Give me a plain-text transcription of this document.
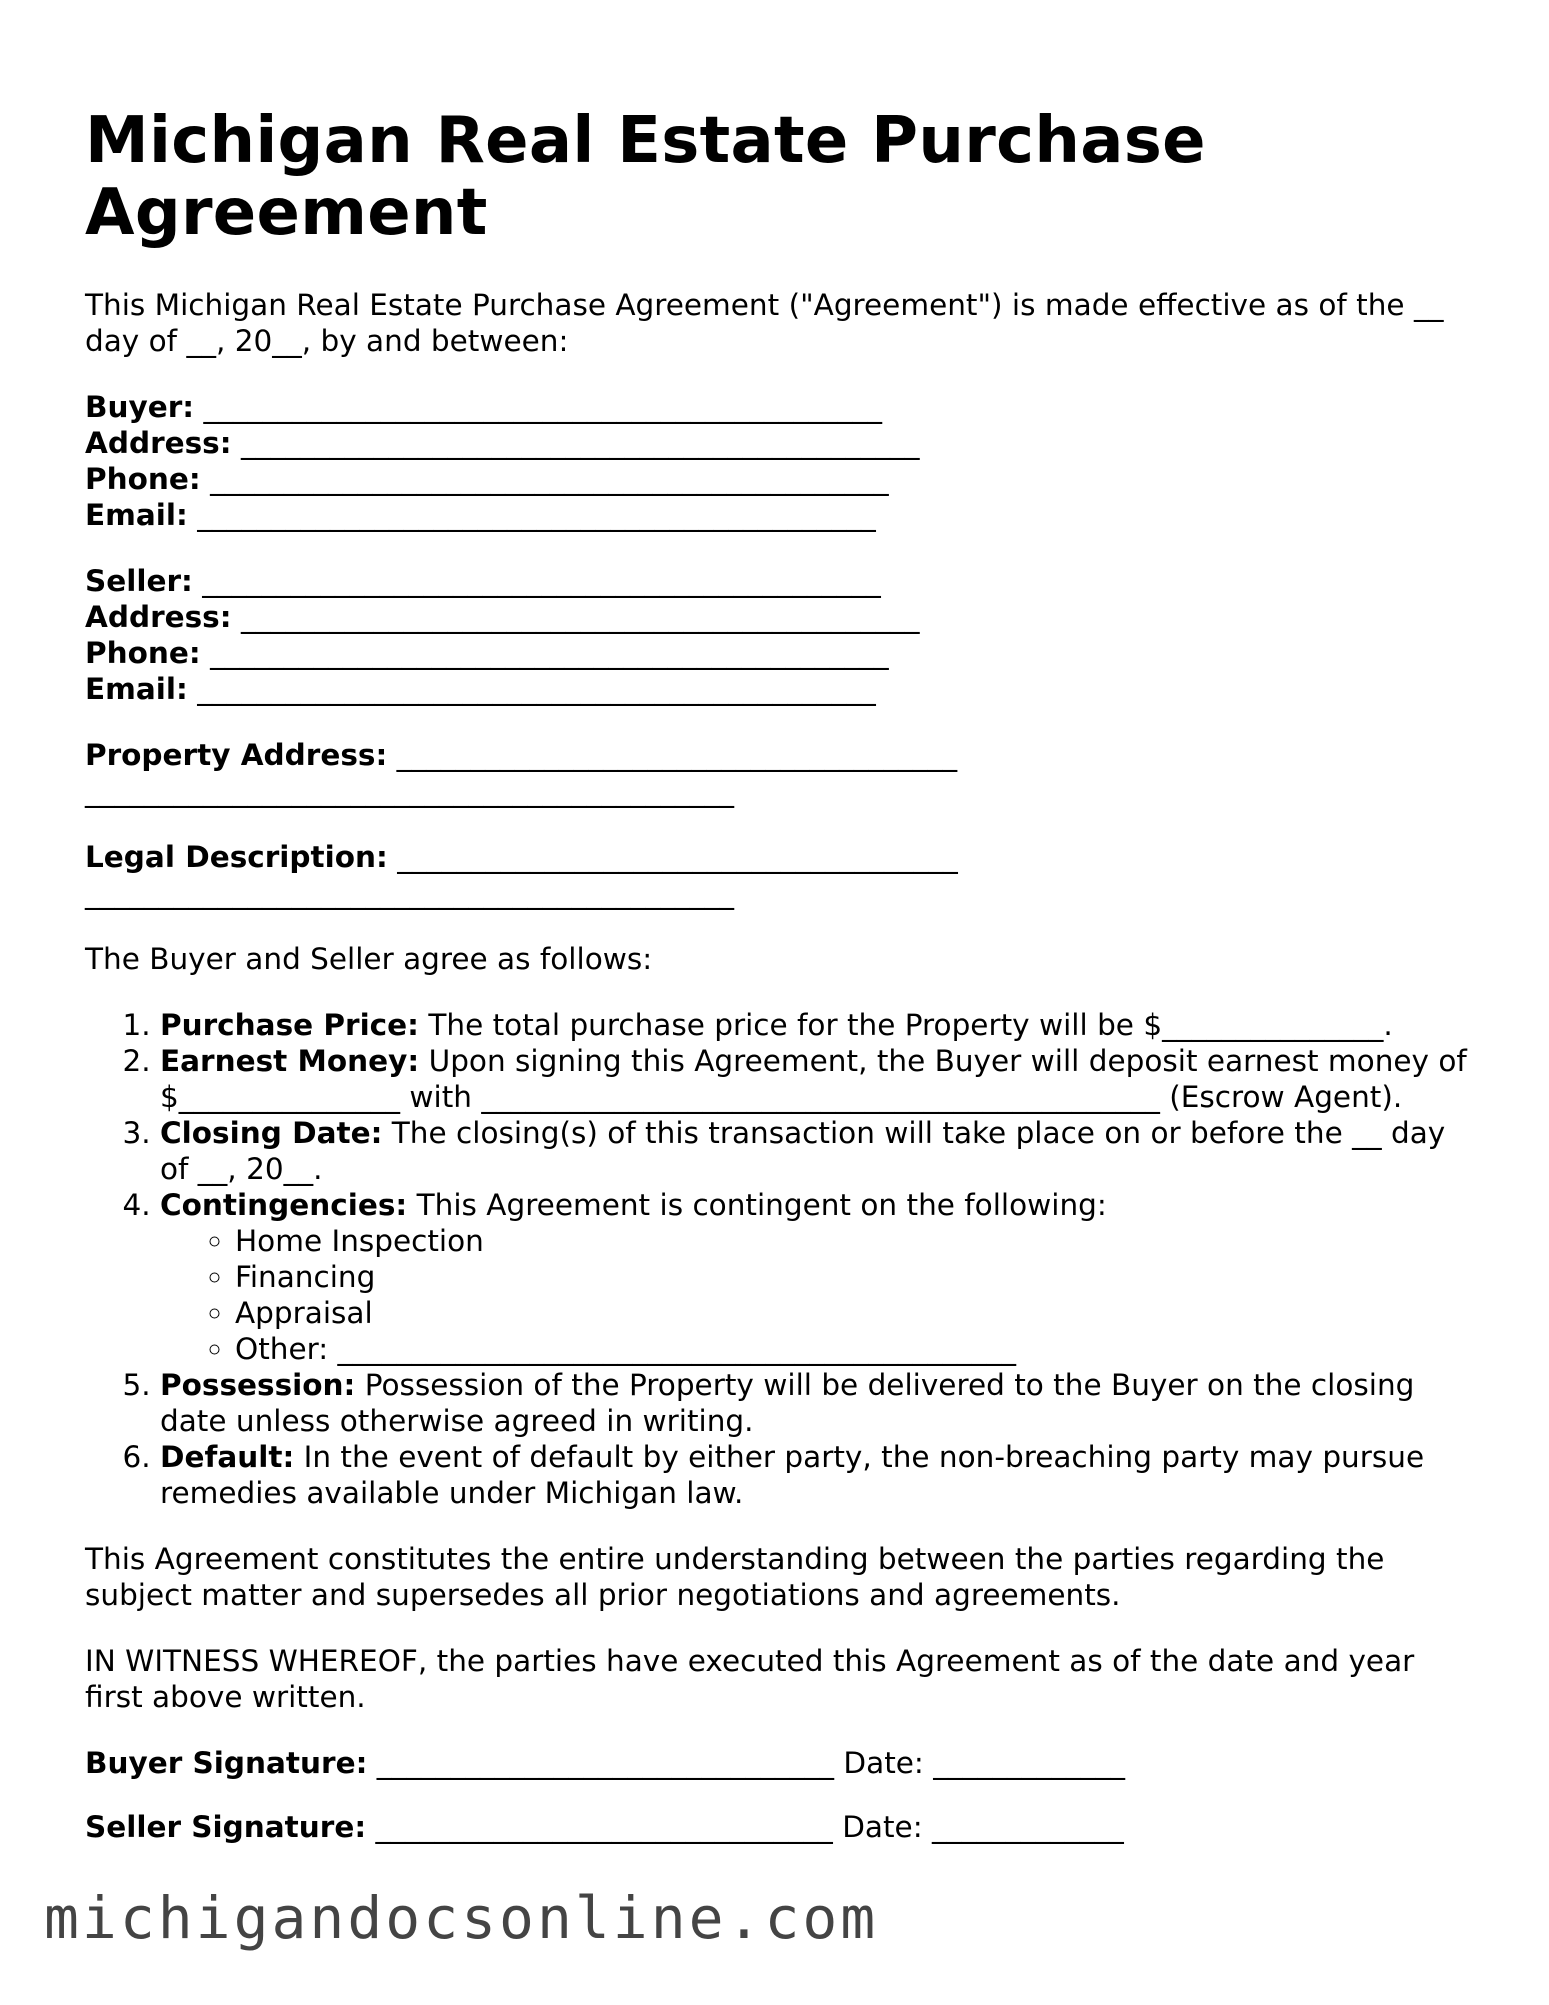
Michigan Real Estate Purchase Agreement

This Michigan Real Estate Purchase Agreement ("Agreement") is made effective as of the __ day of __, 20__, by and between:

Buyer: ______________________________________________
Address: ______________________________________________
Phone: ______________________________________________
Email: ______________________________________________
Seller: ______________________________________________
Address: ______________________________________________
Phone: ______________________________________________
Email: ______________________________________________
Property Address: ______________________________________
____________________________________________
Legal Description: ______________________________________
____________________________________________

The Buyer and Seller agree as follows:

1. Purchase Price: The total purchase price for the Property will be $_______________.
2. Earnest Money: Upon signing this Agreement, the Buyer will deposit earnest money of $_______________ with ______________________________________________ (Escrow Agent).
3. Closing Date: The closing(s) of this transaction will take place on or before the __ day of __, 20__.
4. Contingencies: This Agreement is contingent on the following:
◦ Home Inspection
◦ Financing
◦ Appraisal
◦ Other: ______________________________________________
5. Possession: Possession of the Property will be delivered to the Buyer on the closing date unless otherwise agreed in writing.
6. Default: In the event of default by either party, the non-breaching party may pursue remedies available under Michigan law.

This Agreement constitutes the entire understanding between the parties regarding the subject matter and supersedes all prior negotiations and agreements.

IN WITNESS WHEREOF, the parties have executed this Agreement as of the date and year first above written.

Buyer Signature: _______________________________ Date: _____________
Seller Signature: _______________________________ Date: _____________
michigandocsonline.com
